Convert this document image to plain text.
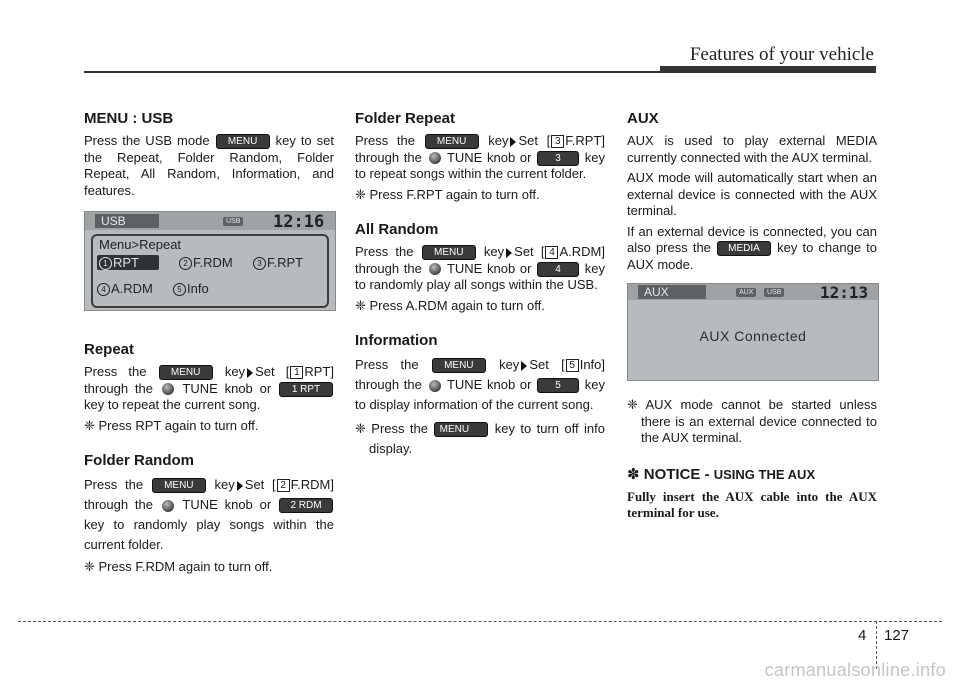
Features of your vehicle
MENU : USB

Press the USB mode MENU key to set the Repeat, Folder Random, Folder Repeat, All Random, Information, and features.

USB	USB 12:16
Menu>Repeat
1 RPT	2 F.RDM	3 F.RPT
4 A.RDM	5 Info
Repeat

Press the MENU key Set [ 1 RPT] through the  TUNE knob or 1 RPT key to repeat the current song.

❈ Press RPT again to turn off.

Folder Random

Press the MENU key Set [ 2 F.RDM] through the  TUNE knob or 2 RDM key to randomly play songs within the current folder.

❈ Press F.RDM again to turn off.

Folder Repeat

Press the MENU key Set [ 3 F.RPT] through the  TUNE knob or 3 key to repeat songs within the current folder.

❈ Press F.RPT again to turn off.

All Random

Press the MENU key Set [ 4 A.RDM] through the  TUNE knob or 4 key to randomly play all songs within the USB.

❈ Press A.RDM again to turn off.

Information

Press the MENU key Set [ 5 Info] through the  TUNE knob or 5 key to display information of the current song.

❈ Press the MENU key to turn off info display.

AUX

AUX is used to play external MEDIA currently connected with the AUX terminal.

AUX mode will automatically start when an external device is connected with the AUX terminal.

If an external device is connected, you can also press the MEDIA key to change to AUX mode.

AUX	AUX	USB 12:13
AUX Connected

❈ AUX mode cannot be started unless there is an external device connected to the AUX terminal.

✽ NOTICE - USING THE AUX

Fully insert the AUX cable into the AUX terminal for use.

4 127
carmanualsonline.info
